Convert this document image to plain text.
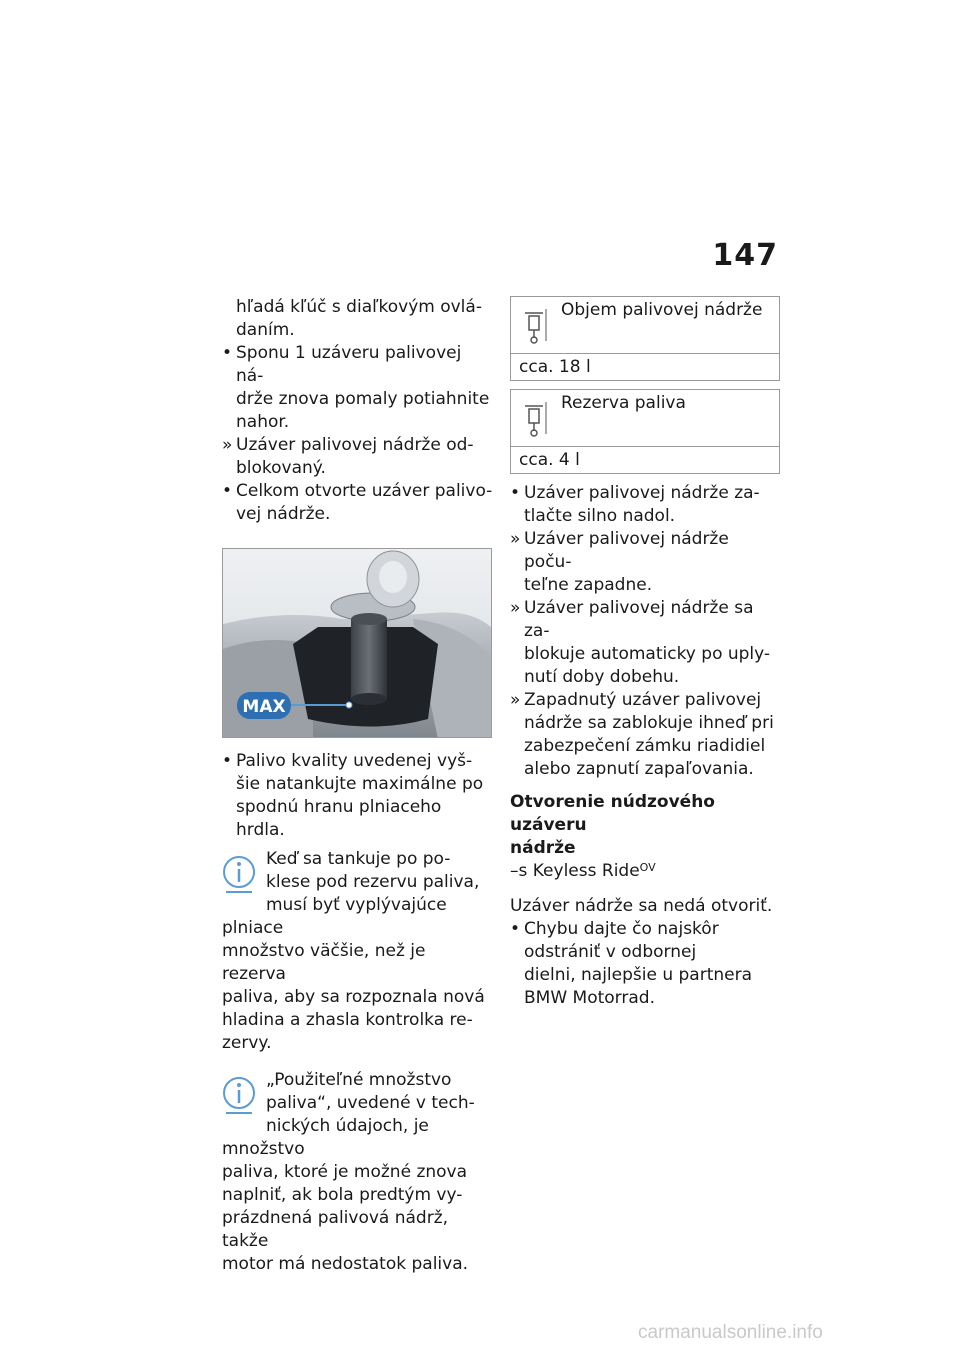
147
hľadá kľúč s diaľkovým ovlá-
daním.
• Sponu 1 uzáveru palivovej ná-
drže znova pomaly potiahnite
nahor.
» Uzáver palivovej nádrže od-
blokovaný.
• Celkom otvorte uzáver palivo-
vej nádrže.
MAX
• Palivo kvality uvedenej vyš-
šie natankujte maximálne po
spodnú hranu plniaceho hrdla.
Keď sa tankuje po po-
klese pod rezervu paliva,
musí byť vyplývajúce plniace
množstvo väčšie, než je rezerva
paliva, aby sa rozpoznala nová
hladina a zhasla kontrolka re-
zervy.
„Použiteľné množstvo
paliva“, uvedené v tech-
nických údajoch, je množstvo
paliva, ktoré je možné znova
naplniť, ak bola predtým vy-
prázdnená palivová nádrž, takže
motor má nedostatok paliva.
Objem palivovej nádrže
cca. 18 l
Rezerva paliva
cca. 4 l
• Uzáver palivovej nádrže za-
tlačte silno nadol.
» Uzáver palivovej nádrže poču-
teľne zapadne.
» Uzáver palivovej nádrže sa za-
blokuje automaticky po uply-
nutí doby dobehu.
» Zapadnutý uzáver palivovej
nádrže sa zablokuje ihneď pri
zabezpečení zámku riadidiel
alebo zapnutí zapaľovania.
Otvorenie núdzového uzáveru
nádrže
–s Keyless Ride$^{OV}$
Uzáver nádrže sa nedá otvoriť.
• Chybu dajte čo najskôr
odstrániť v odbornej
dielni, najlepšie u partnera
BMW Motorrad.
carmanualsonline.info
